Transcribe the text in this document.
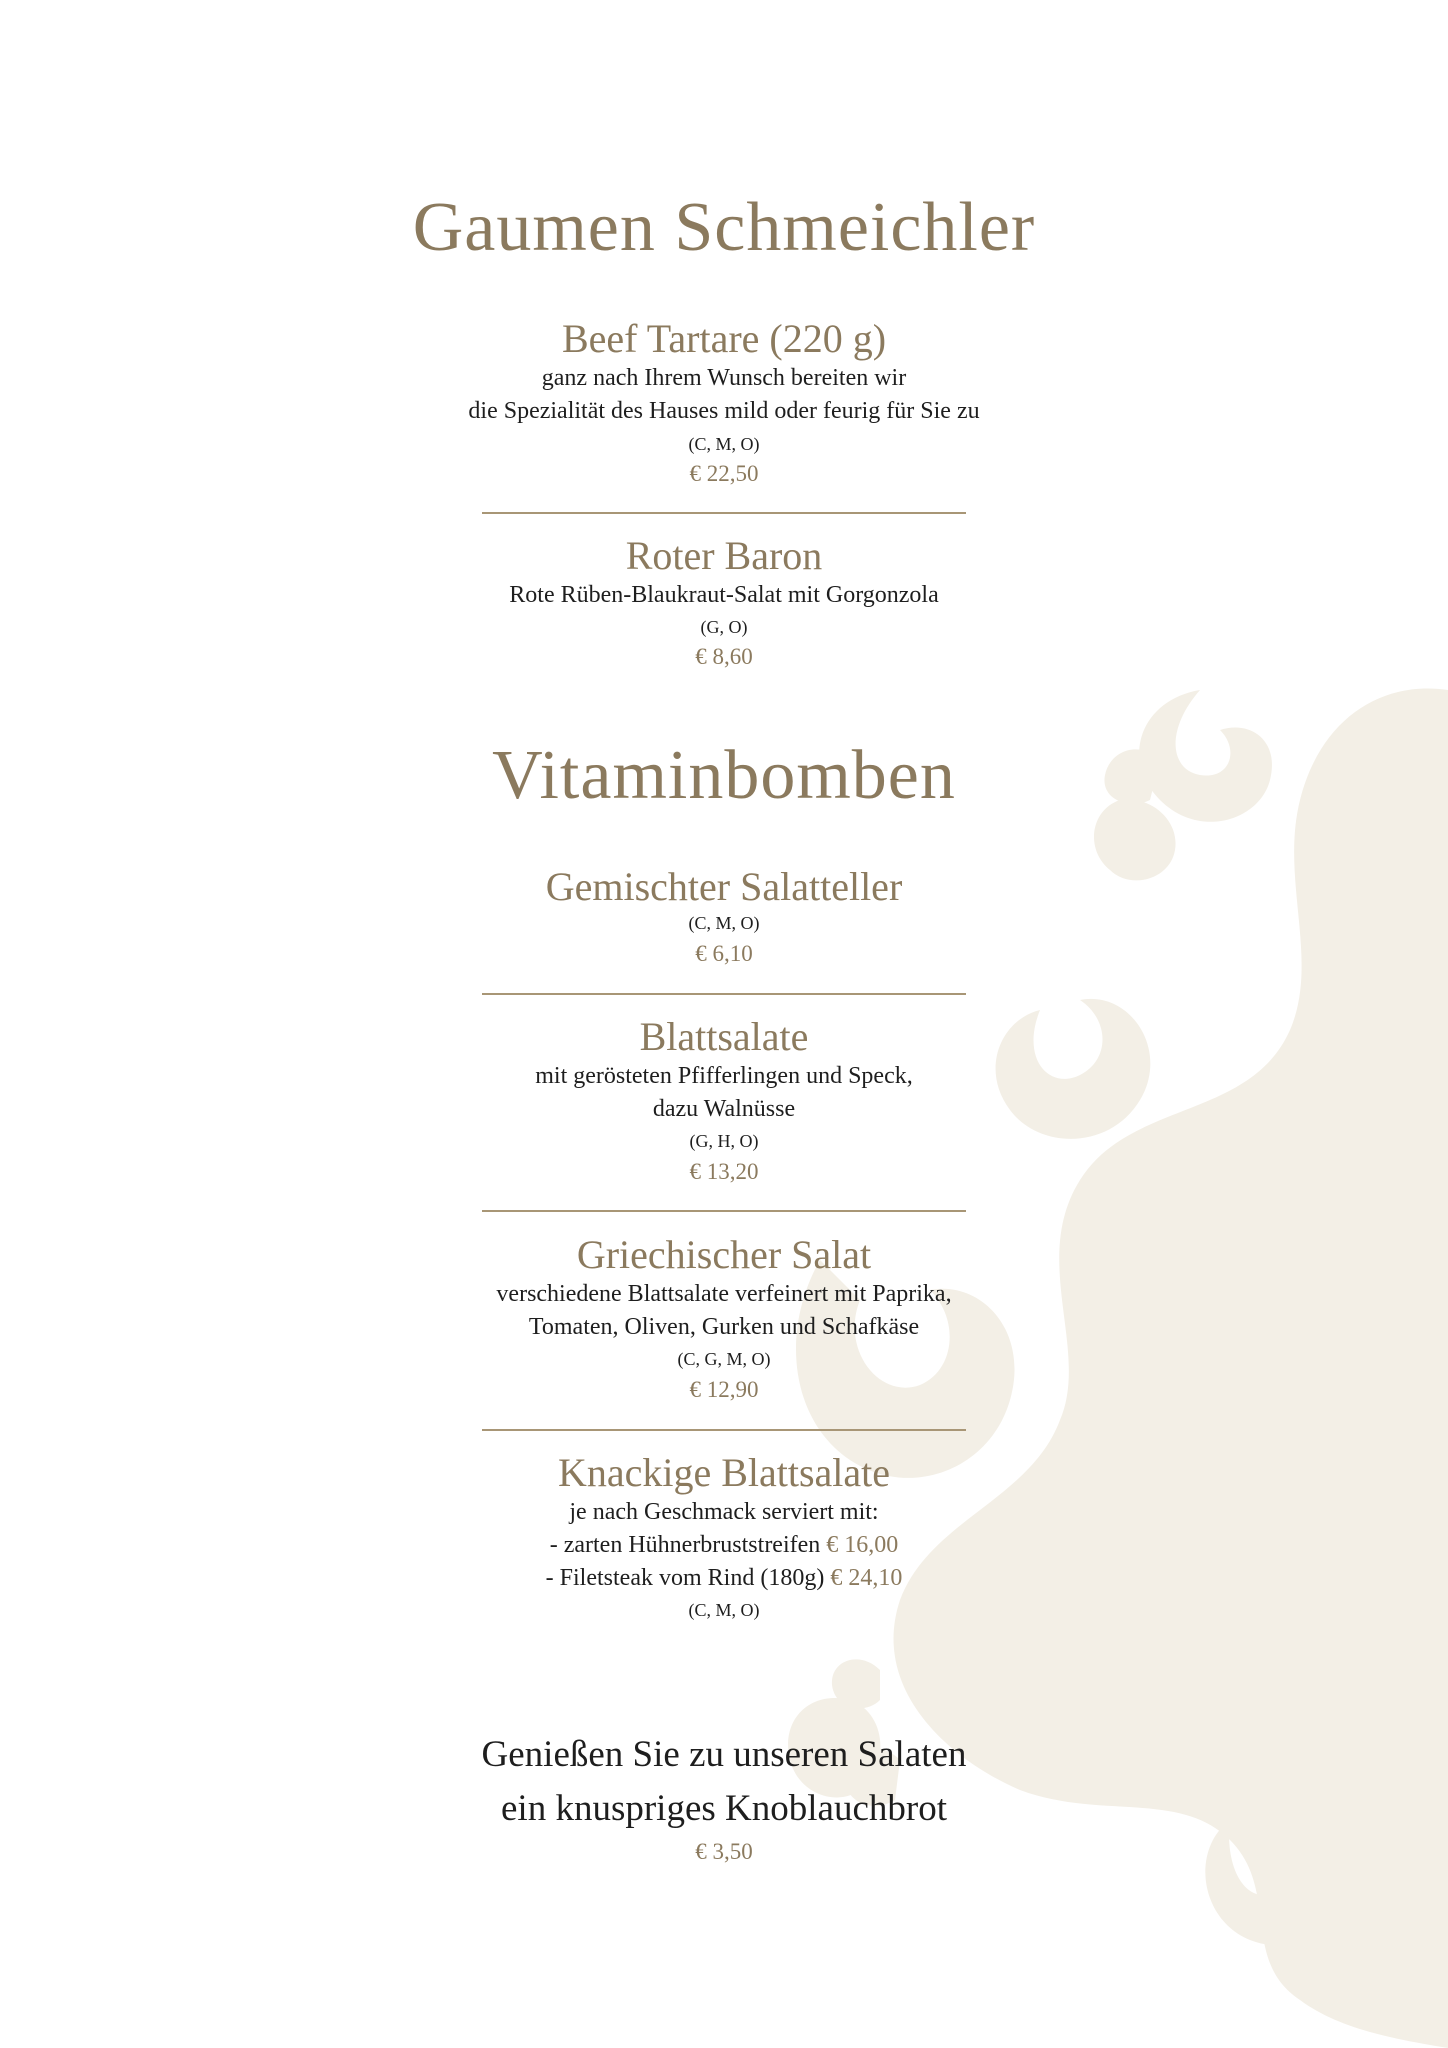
Gaumen Schmeichler
Beef Tartare (220 g)
ganz nach Ihrem Wunsch bereiten wir
die Spezialität des Hauses mild oder feurig für Sie zu
(C, M, O)
€ 22,50
Roter Baron
Rote Rüben-Blaukraut-Salat mit Gorgonzola
(G, O)
€ 8,60
Vitaminbomben
Gemischter Salatteller
(C, M, O)
€ 6,10
Blattsalate
mit gerösteten Pfifferlingen und Speck,
dazu Walnüsse
(G, H, O)
€ 13,20
Griechischer Salat
verschiedene Blattsalate verfeinert mit Paprika,
Tomaten, Oliven, Gurken und Schafkäse
(C, G, M, O)
€ 12,90
Knackige Blattsalate
je nach Geschmack serviert mit:
- zarten Hühnerbruststreifen € 16,00
- Filetsteak vom Rind (180g) € 24,10
(C, M, O)
Genießen Sie zu unseren Salaten
ein knuspriges Knoblauchbrot
€ 3,50
